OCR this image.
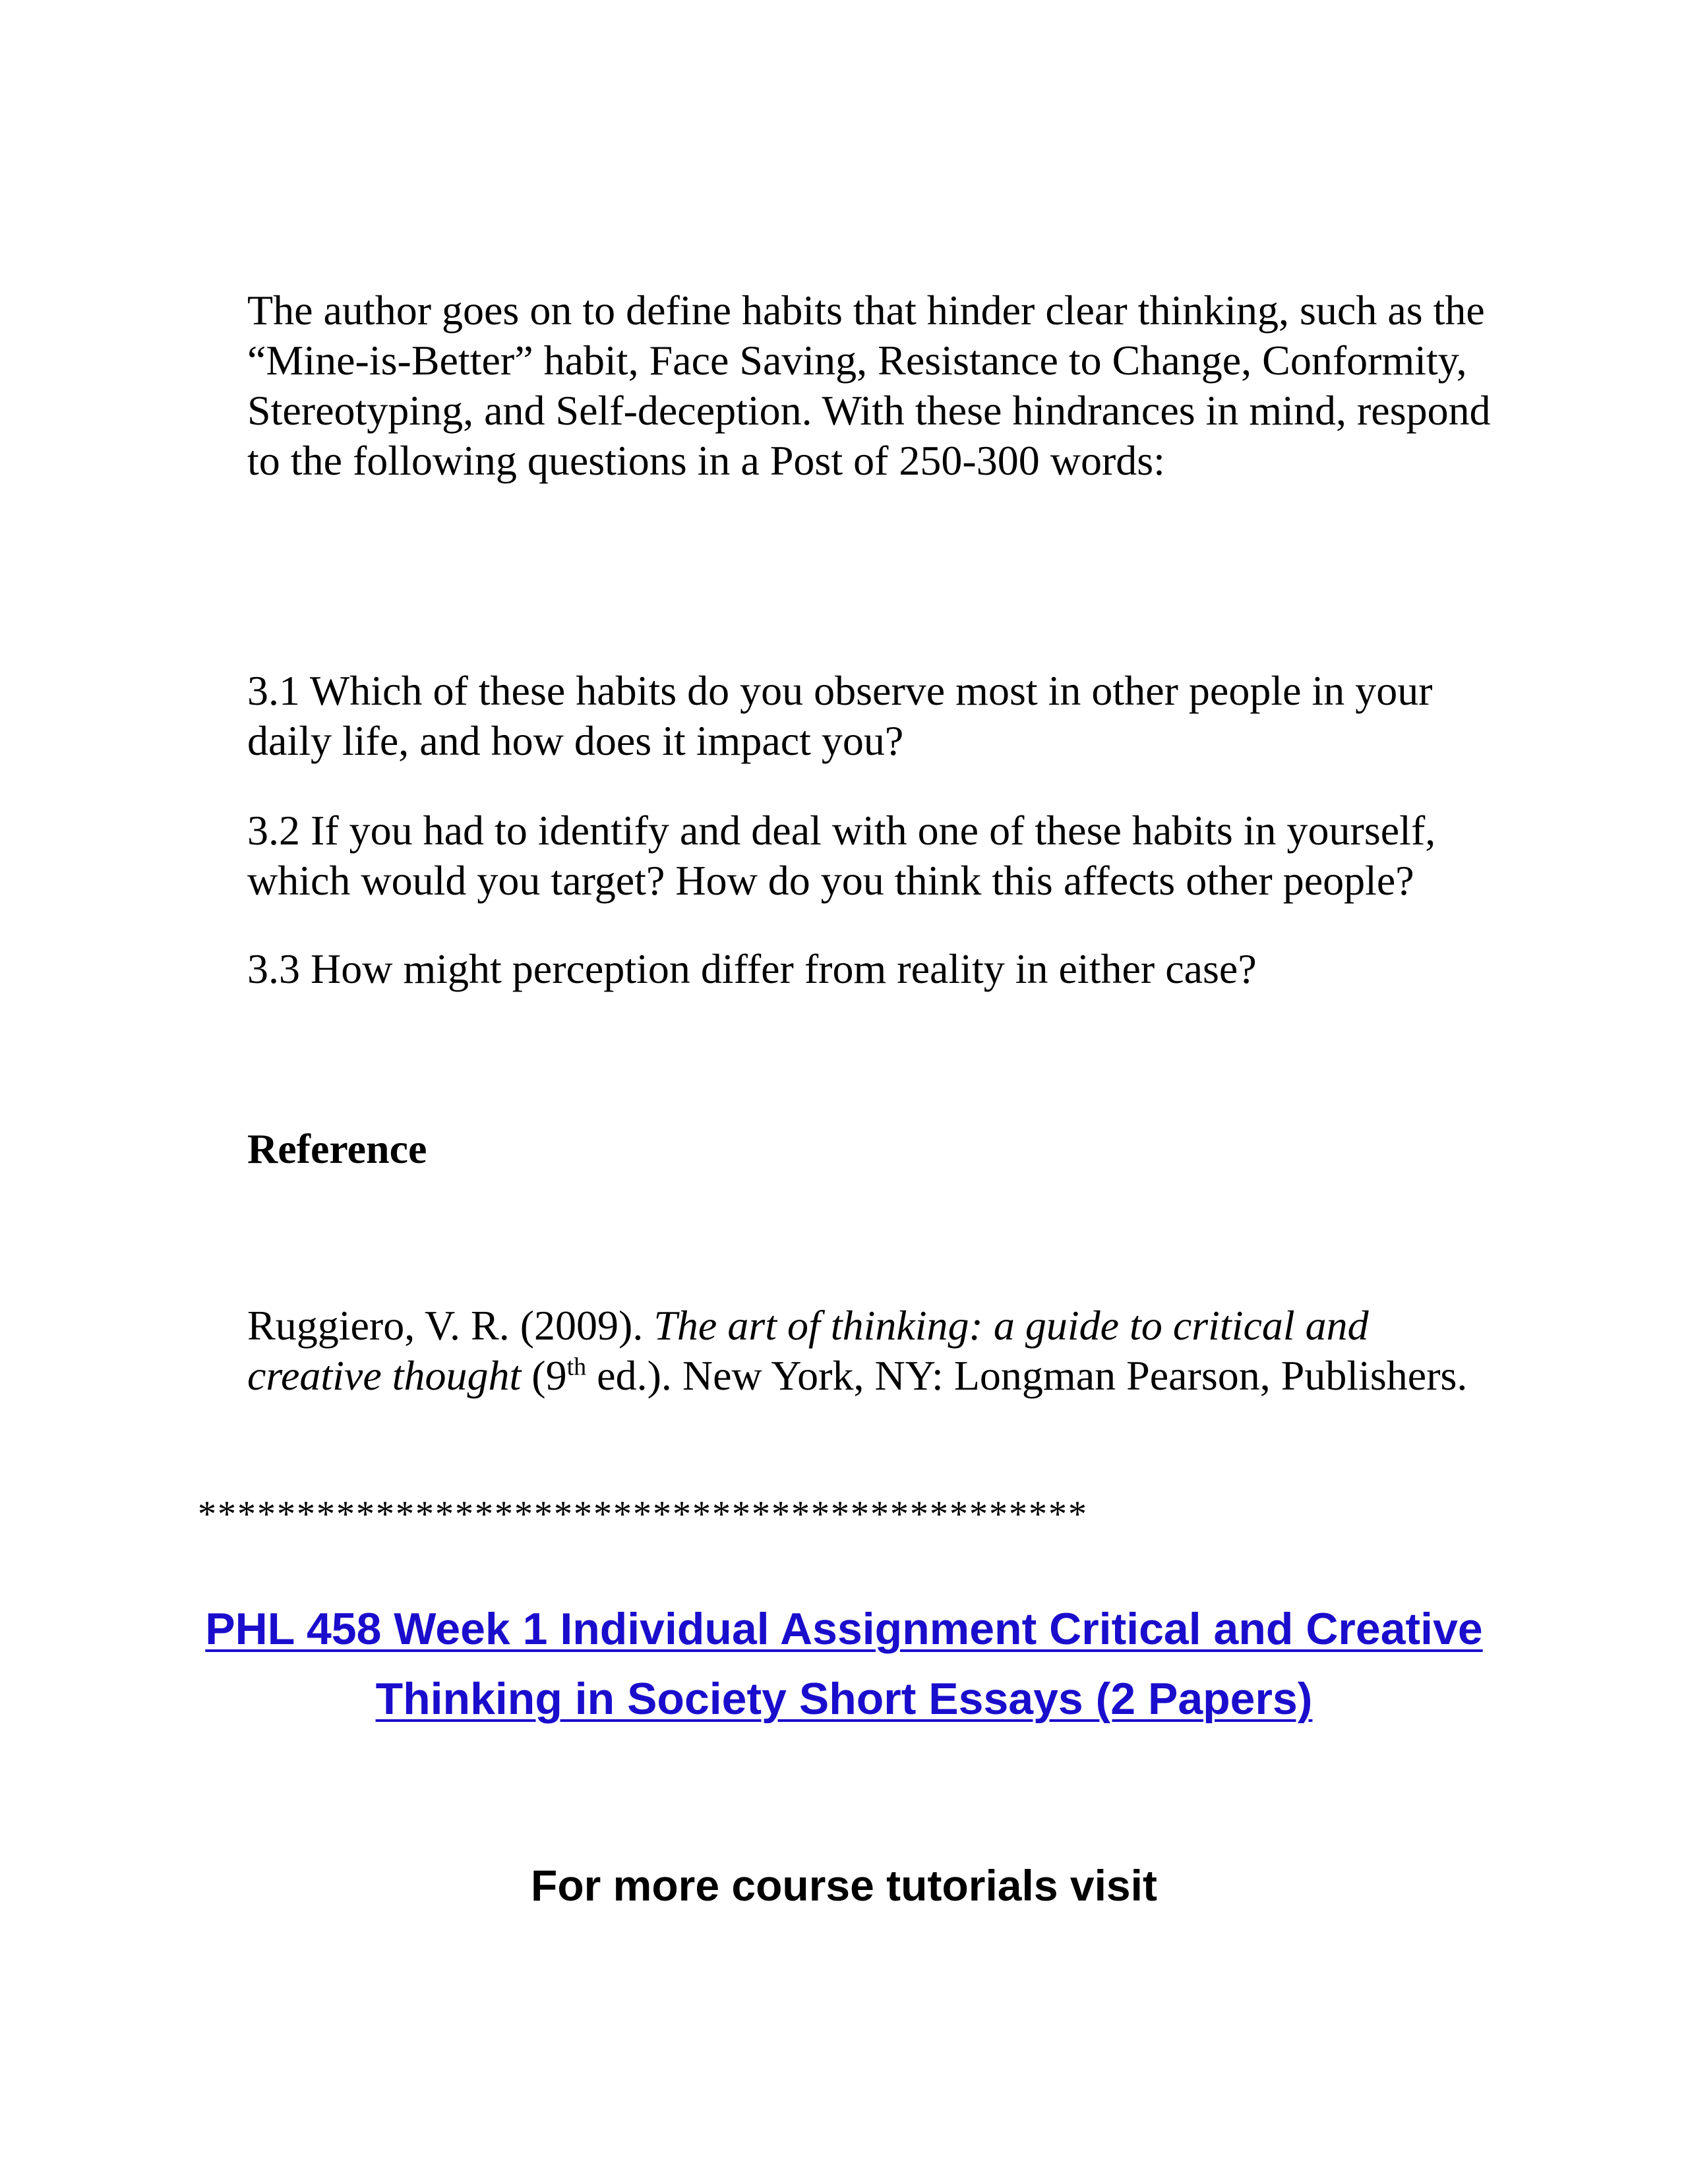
The author goes on to define habits that hinder clear thinking, such as the “Mine-is-Better” habit, Face Saving, Resistance to Change, Conformity, Stereotyping, and Self-deception. With these hindrances in mind, respond to the following questions in a Post of 250-300 words:

3.1 Which of these habits do you observe most in other people in your daily life, and how does it impact you?

3.2 If you had to identify and deal with one of these habits in yourself, which would you target? How do you think this affects other people?

3.3 How might perception differ from reality in either case?

Reference

Ruggiero, V. R. (2009). The art of thinking: a guide to critical and creative thought (9th ed.). New York, NY: Longman Pearson, Publishers.

*********************************************

PHL 458 Week 1 Individual Assignment Critical and Creative Thinking in Society Short Essays (2 Papers)

For more course tutorials visit
